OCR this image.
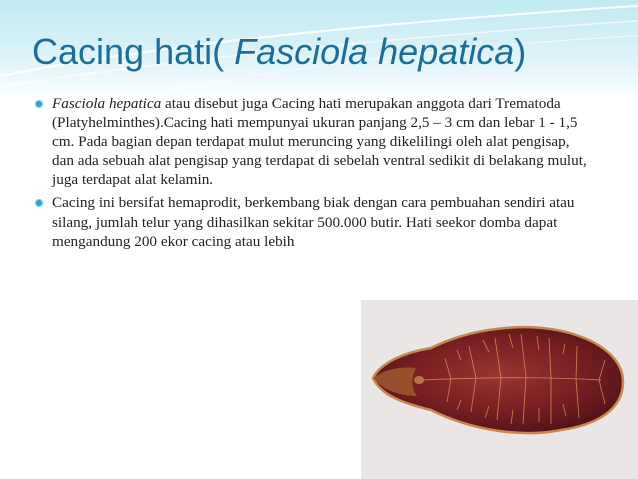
Cacing hati( Fasciola hepatica)
Fasciola hepatica atau disebut juga Cacing hati merupakan anggota dari Trematoda (Platyhelminthes).Cacing hati mempunyai ukuran panjang 2,5 – 3 cm dan lebar 1 - 1,5 cm. Pada bagian depan terdapat mulut meruncing yang dikelilingi oleh alat pengisap, dan ada sebuah alat pengisap yang terdapat di sebelah ventral sedikit di belakang mulut, juga terdapat alat kelamin.
Cacing ini bersifat hemaprodit, berkembang biak dengan cara pembuahan sendiri atau silang, jumlah telur yang dihasilkan sekitar 500.000 butir. Hati seekor domba dapat mengandung 200 ekor cacing atau lebih
